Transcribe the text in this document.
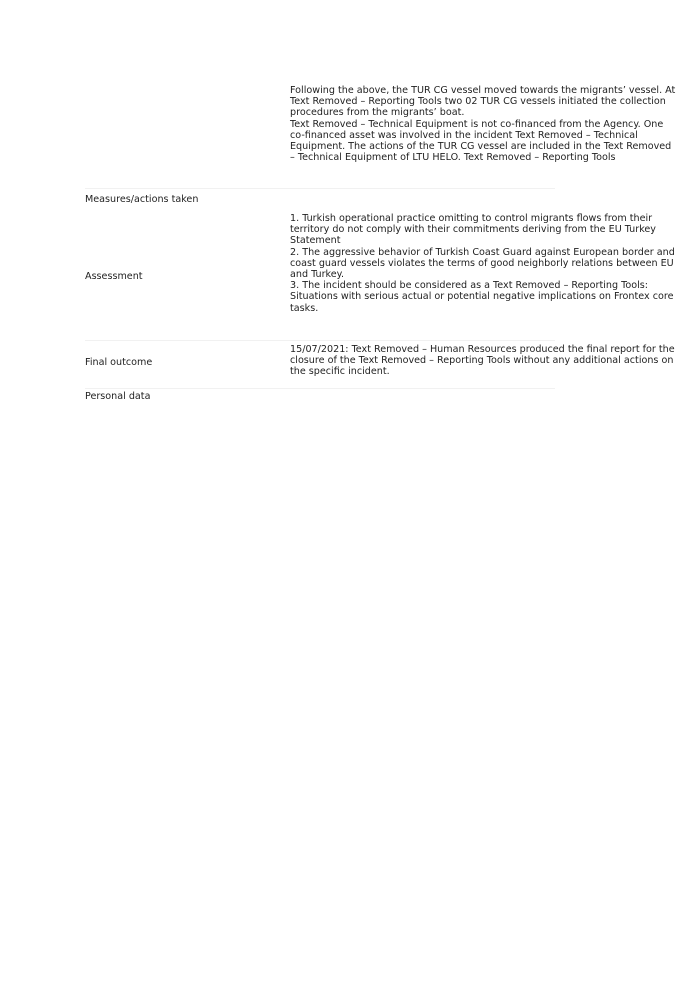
Following the above, the TUR CG vessel moved towards the migrants’ vessel. At Text Removed – Reporting Tools two 02 TUR CG vessels initiated the collection procedures from the migrants’ boat.

Text Removed – Technical Equipment is not co-financed from the Agency. One co-financed asset was involved in the incident Text Removed – Technical Equipment. The actions of the TUR CG vessel are included in the Text Removed – Technical Equipment of LTU HELO. Text Removed – Reporting Tools

Measures/actions taken

1. Turkish operational practice omitting to control migrants flows from their territory do not comply with their commitments deriving from the EU Turkey Statement

2. The aggressive behavior of Turkish Coast Guard against European border and coast guard vessels violates the terms of good neighborly relations between EU and Turkey.

3. The incident should be considered as a Text Removed – Reporting Tools: Situations with serious actual or potential negative implications on Frontex core tasks.

Assessment

15/07/2021: Text Removed – Human Resources produced the final report for the closure of the Text Removed – Reporting Tools without any additional actions on the specific incident.

Final outcome
Personal data
